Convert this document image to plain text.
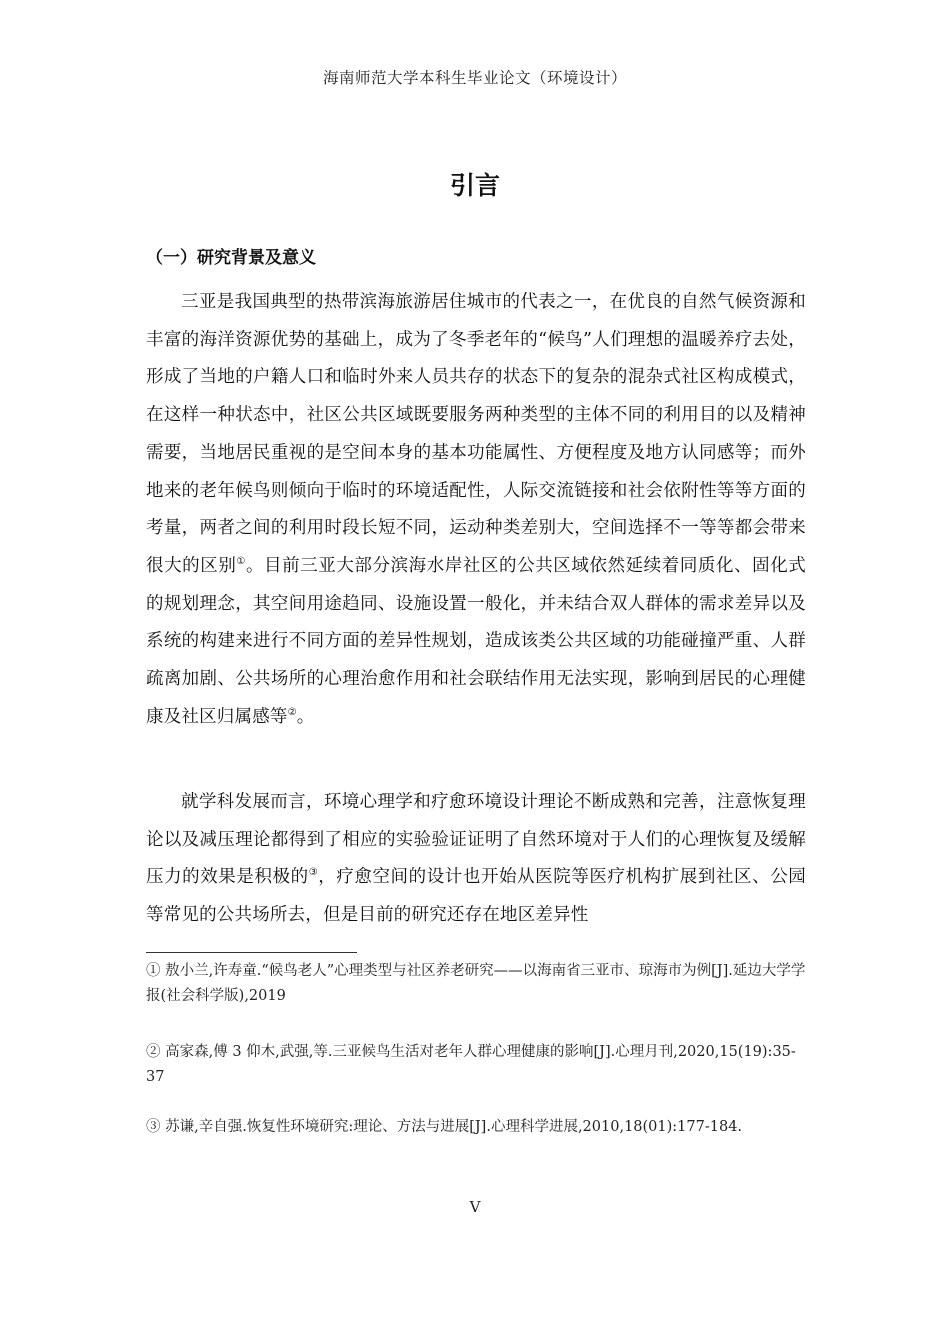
海南师范大学本科生毕业论文（环境设计）
引言
（一）研究背景及意义

三亚是我国典型的热带滨海旅游居住城市的代表之一，在优良的自然气候资源和丰富的海洋资源优势的基础上，成为了冬季老年的“候鸟”人们理想的温暖养疗去处，形成了当地的户籍人口和临时外来人员共存的状态下的复杂的混杂式社区构成模式，在这样一种状态中，社区公共区域既要服务两种类型的主体不同的利用目的以及精神需要，当地居民重视的是空间本身的基本功能属性、方便程度及地方认同感等；而外地来的老年候鸟则倾向于临时的环境适配性，人际交流链接和社会依附性等等方面的考量，两者之间的利用时段长短不同，运动种类差别大，空间选择不一等等都会带来很大的区别①。目前三亚大部分滨海水岸社区的公共区域依然延续着同质化、固化式的规划理念，其空间用途趋同、设施设置一般化，并未结合双人群体的需求差异以及系统的构建来进行不同方面的差异性规划，造成该类公共区域的功能碰撞严重、人群疏离加剧、公共场所的心理治愈作用和社会联结作用无法实现，影响到居民的心理健康及社区归属感等②。

就学科发展而言，环境心理学和疗愈环境设计理论不断成熟和完善，注意恢复理论以及减压理论都得到了相应的实验验证证明了自然环境对于人们的心理恢复及缓解压力的效果是积极的③，疗愈空间的设计也开始从医院等医疗机构扩展到社区、公园等常见的公共场所去，但是目前的研究还存在地区差异性

① 敖小兰,许寿童.“候鸟老人”心理类型与社区养老研究——以海南省三亚市、琼海市为例[J].延边大学学报(社会科学版),2019

② 高家森,傅 3 仰木,武强,等.三亚候鸟生活对老年人群心理健康的影响[J].心理月刊,2020,15(19):35-37

③ 苏谦,辛自强.恢复性环境研究:理论、方法与进展[J].心理科学进展,2010,18(01):177-184.

V
